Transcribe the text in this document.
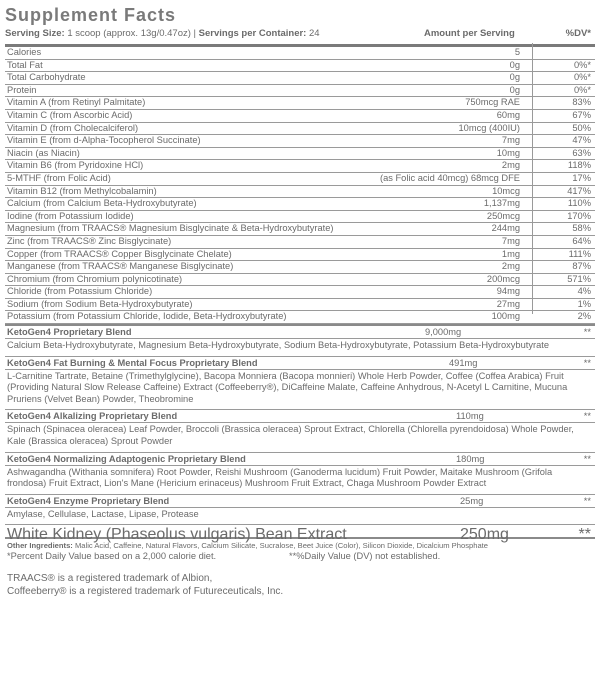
Supplement Facts
Serving Size: 1 scoop (approx. 13g/0.47oz) | Servings per Container: 24	Amount per Serving	%DV*
Calories	5
Total Fat	0g	0%*
Total Carbohydrate	0g	0%*
Protein	0g	0%*
Vitamin A (from Retinyl Palmitate)	750mcg RAE	83%
Vitamin C (from Ascorbic Acid)	60mg	67%
Vitamin D (from Cholecalciferol)	10mcg (400IU)	50%
Vitamin E (from d-Alpha-Tocopherol Succinate)	7mg	47%
Niacin (as Niacin)	10mg	63%
Vitamin B6 (from Pyridoxine HCl)	2mg	118%
5-MTHF (from Folic Acid)	(as Folic acid 40mcg) 68mcg DFE	17%
Vitamin B12 (from Methylcobalamin)	10mcg	417%
Calcium (from Calcium Beta-Hydroxybutyrate)	1,137mg	110%
Iodine (from Potassium Iodide)	250mcg	170%
Magnesium (from TRAACS® Magnesium Bisglycinate & Beta-Hydroxybutyrate)	244mg	58%
Zinc (from TRAACS® Zinc Bisglycinate)	7mg	64%
Copper (from TRAACS® Copper Bisglycinate Chelate)	1mg	111%
Manganese (from TRAACS® Manganese Bisglycinate)	2mg	87%
Chromium (from Chromium polynicotinate)	200mcg	571%
Chloride (from Potassium Chloride)	94mg	4%
Sodium (from Sodium Beta-Hydroxybutyrate)	27mg	1%
Potassium (from Potassium Chloride, Iodide, Beta-Hydroxybutyrate)	100mg	2%
KetoGen4 Proprietary Blend	9,000mg	**
Calcium Beta-Hydroxybutyrate, Magnesium Beta-Hydroxybutyrate, Sodium Beta-Hydroxybutyrate, Potassium Beta-Hydroxybutyrate
KetoGen4 Fat Burning & Mental Focus Proprietary Blend	491mg	**
L-Carnitine Tartrate, Betaine (Trimethylglycine), Bacopa Monniera (Bacopa monnieri) Whole Herb Powder, Coffee (Coffea Arabica) Fruit (Providing Natural Slow Release Caffeine) Extract (Coffeeberry®), DiCaffeine Malate, Caffeine Anhydrous, N-Acetyl L Carnitine, Mucuna Pruriens (Velvet Bean) Powder, Theobromine
KetoGen4 Alkalizing Proprietary Blend	110mg	**
Spinach (Spinacea oleracea) Leaf Powder, Broccoli (Brassica oleracea) Sprout Extract, Chlorella (Chlorella pyrendoidosa) Whole Powder, Kale (Brassica oleracea) Sprout Powder
KetoGen4 Normalizing Adaptogenic Proprietary Blend	180mg	**
Ashwagandha (Withania somnifera) Root Powder, Reishi Mushroom (Ganoderma lucidum) Fruit Powder, Maitake Mushroom (Grifola frondosa) Fruit Extract, Lion's Mane (Hericium erinaceus) Mushroom Fruit Extract, Chaga Mushroom Powder Extract
KetoGen4 Enzyme Proprietary Blend	25mg	**
Amylase, Cellulase, Lactase, Lipase, Protease
White Kidney (Phaseolus vulgaris) Bean Extract	250mg	**
Other Ingredients: Malic Acid, Caffeine, Natural Flavors, Calcium Silicate, Sucralose, Beet Juice (Color), Silicon Dioxide, Dicalcium Phosphate
*Percent Daily Value based on a 2,000 calorie diet.	**%Daily Value (DV) not established.
TRAACS® is a registered trademark of Albion,
Coffeeberry® is a registered trademark of Futureceuticals, Inc.
